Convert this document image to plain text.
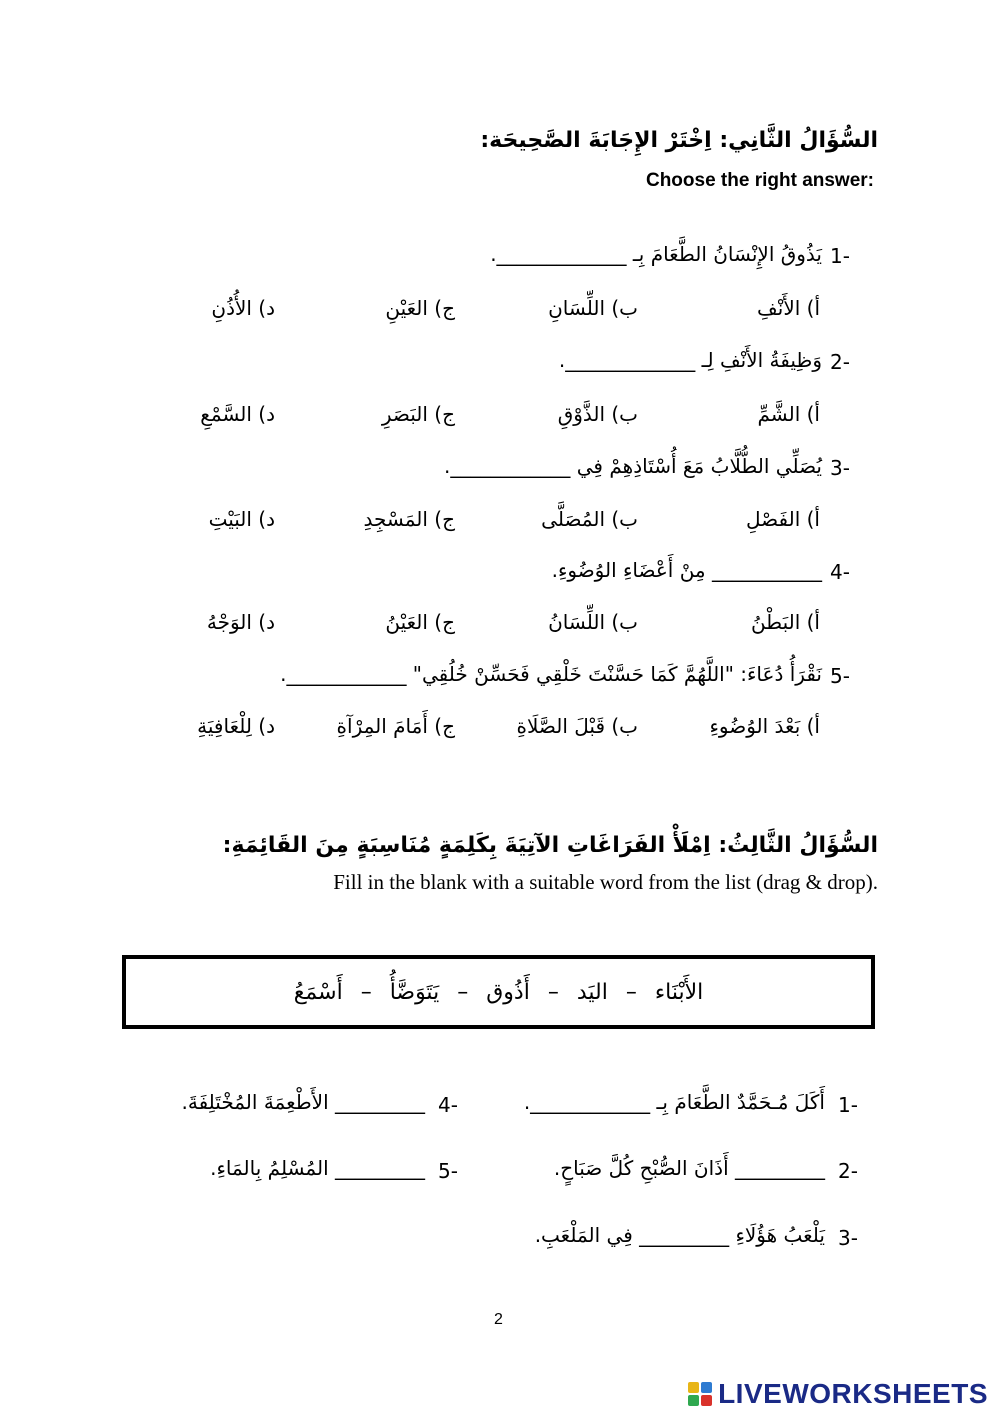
السُّؤَالُ الثَّانِي: اِخْتَرْ الإِجَابَةَ الصَّحِيحَة:
Choose the right answer:
1-
يَذُوقُ الإِنْسَانُ الطَّعَامَ بِـ _____________.
أ) الأَنْفِ
ب) اللِّسَانِ
ج) العَيْنِ
د) الأُذُنِ
2-
وَظِيفَةُ الأَنْفِ لِـ _____________.
أ) الشَّمِّ
ب) الذَّوْقِ
ج) البَصَرِ
د) السَّمْعِ
3-
يُصَلِّي الطُّلَّابُ مَعَ أُسْتَاذِهِمْ فِي ____________.
أ) الفَصْلِ
ب) المُصَلَّى
ج) المَسْجِدِ
د) البَيْتِ
4-
___________ مِنْ أَعْضَاءِ الوُضُوءِ.
أ) البَطْنُ
ب) اللِّسَانُ
ج) العَيْنُ
د) الوَجْهُ
5-
نَقْرَأُ دُعَاءَ: "اللَّهُمَّ كَمَا حَسَّنْتَ خَلْقِي فَحَسِّنْ خُلُقِي" ____________.
أ) بَعْدَ الوُضُوءِ
ب) قَبْلَ الصَّلَاةِ
ج) أَمَامَ المِرْآةِ
د) لِلْعَافِيَةِ
السُّؤَالُ الثَّالِثُ: اِمْلَأْ الفَرَاغَاتِ الآتِيَةَ بِكَلِمَةٍ مُنَاسِبَةٍ مِنَ القَائِمَةِ:
Fill in the blank with a suitable word from the list (drag & drop).
الأَبْنَاء
–
اليَد
–
أَذُوق
–
يَتَوَضَّأُ
–
أَسْمَعُ
1-
أَكَلَ مُـحَمَّدٌ الطَّعَامَ بِـ ____________.
2-
_________ أَذَانَ الصُّبْحِ كُلَّ صَبَاحٍ.
3-
يَلْعَبُ هَؤُلَاءِ _________ فِي المَلْعَبِ.
4-
_________ الأَطْعِمَةَ المُخْتَلِفَةَ.
5-
_________ المُسْلِمُ بِالمَاءِ.
2
LIVEWORKSHEETS
